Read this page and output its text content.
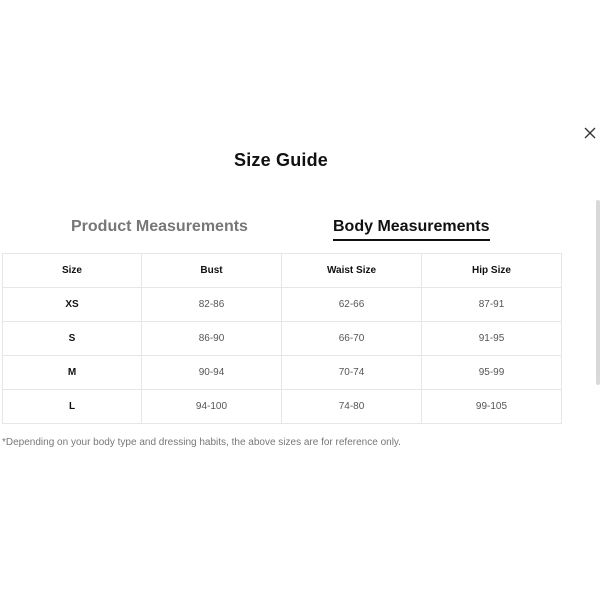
Size Guide
Product Measurements	Body Measurements
Size	Bust	Waist Size	Hip Size
XS	82-86	62-66	87-91
S	86-90	66-70	91-95
M	90-94	70-74	95-99
L	94-100	74-80	99-105
*Depending on your body type and dressing habits, the above sizes are for reference only.
